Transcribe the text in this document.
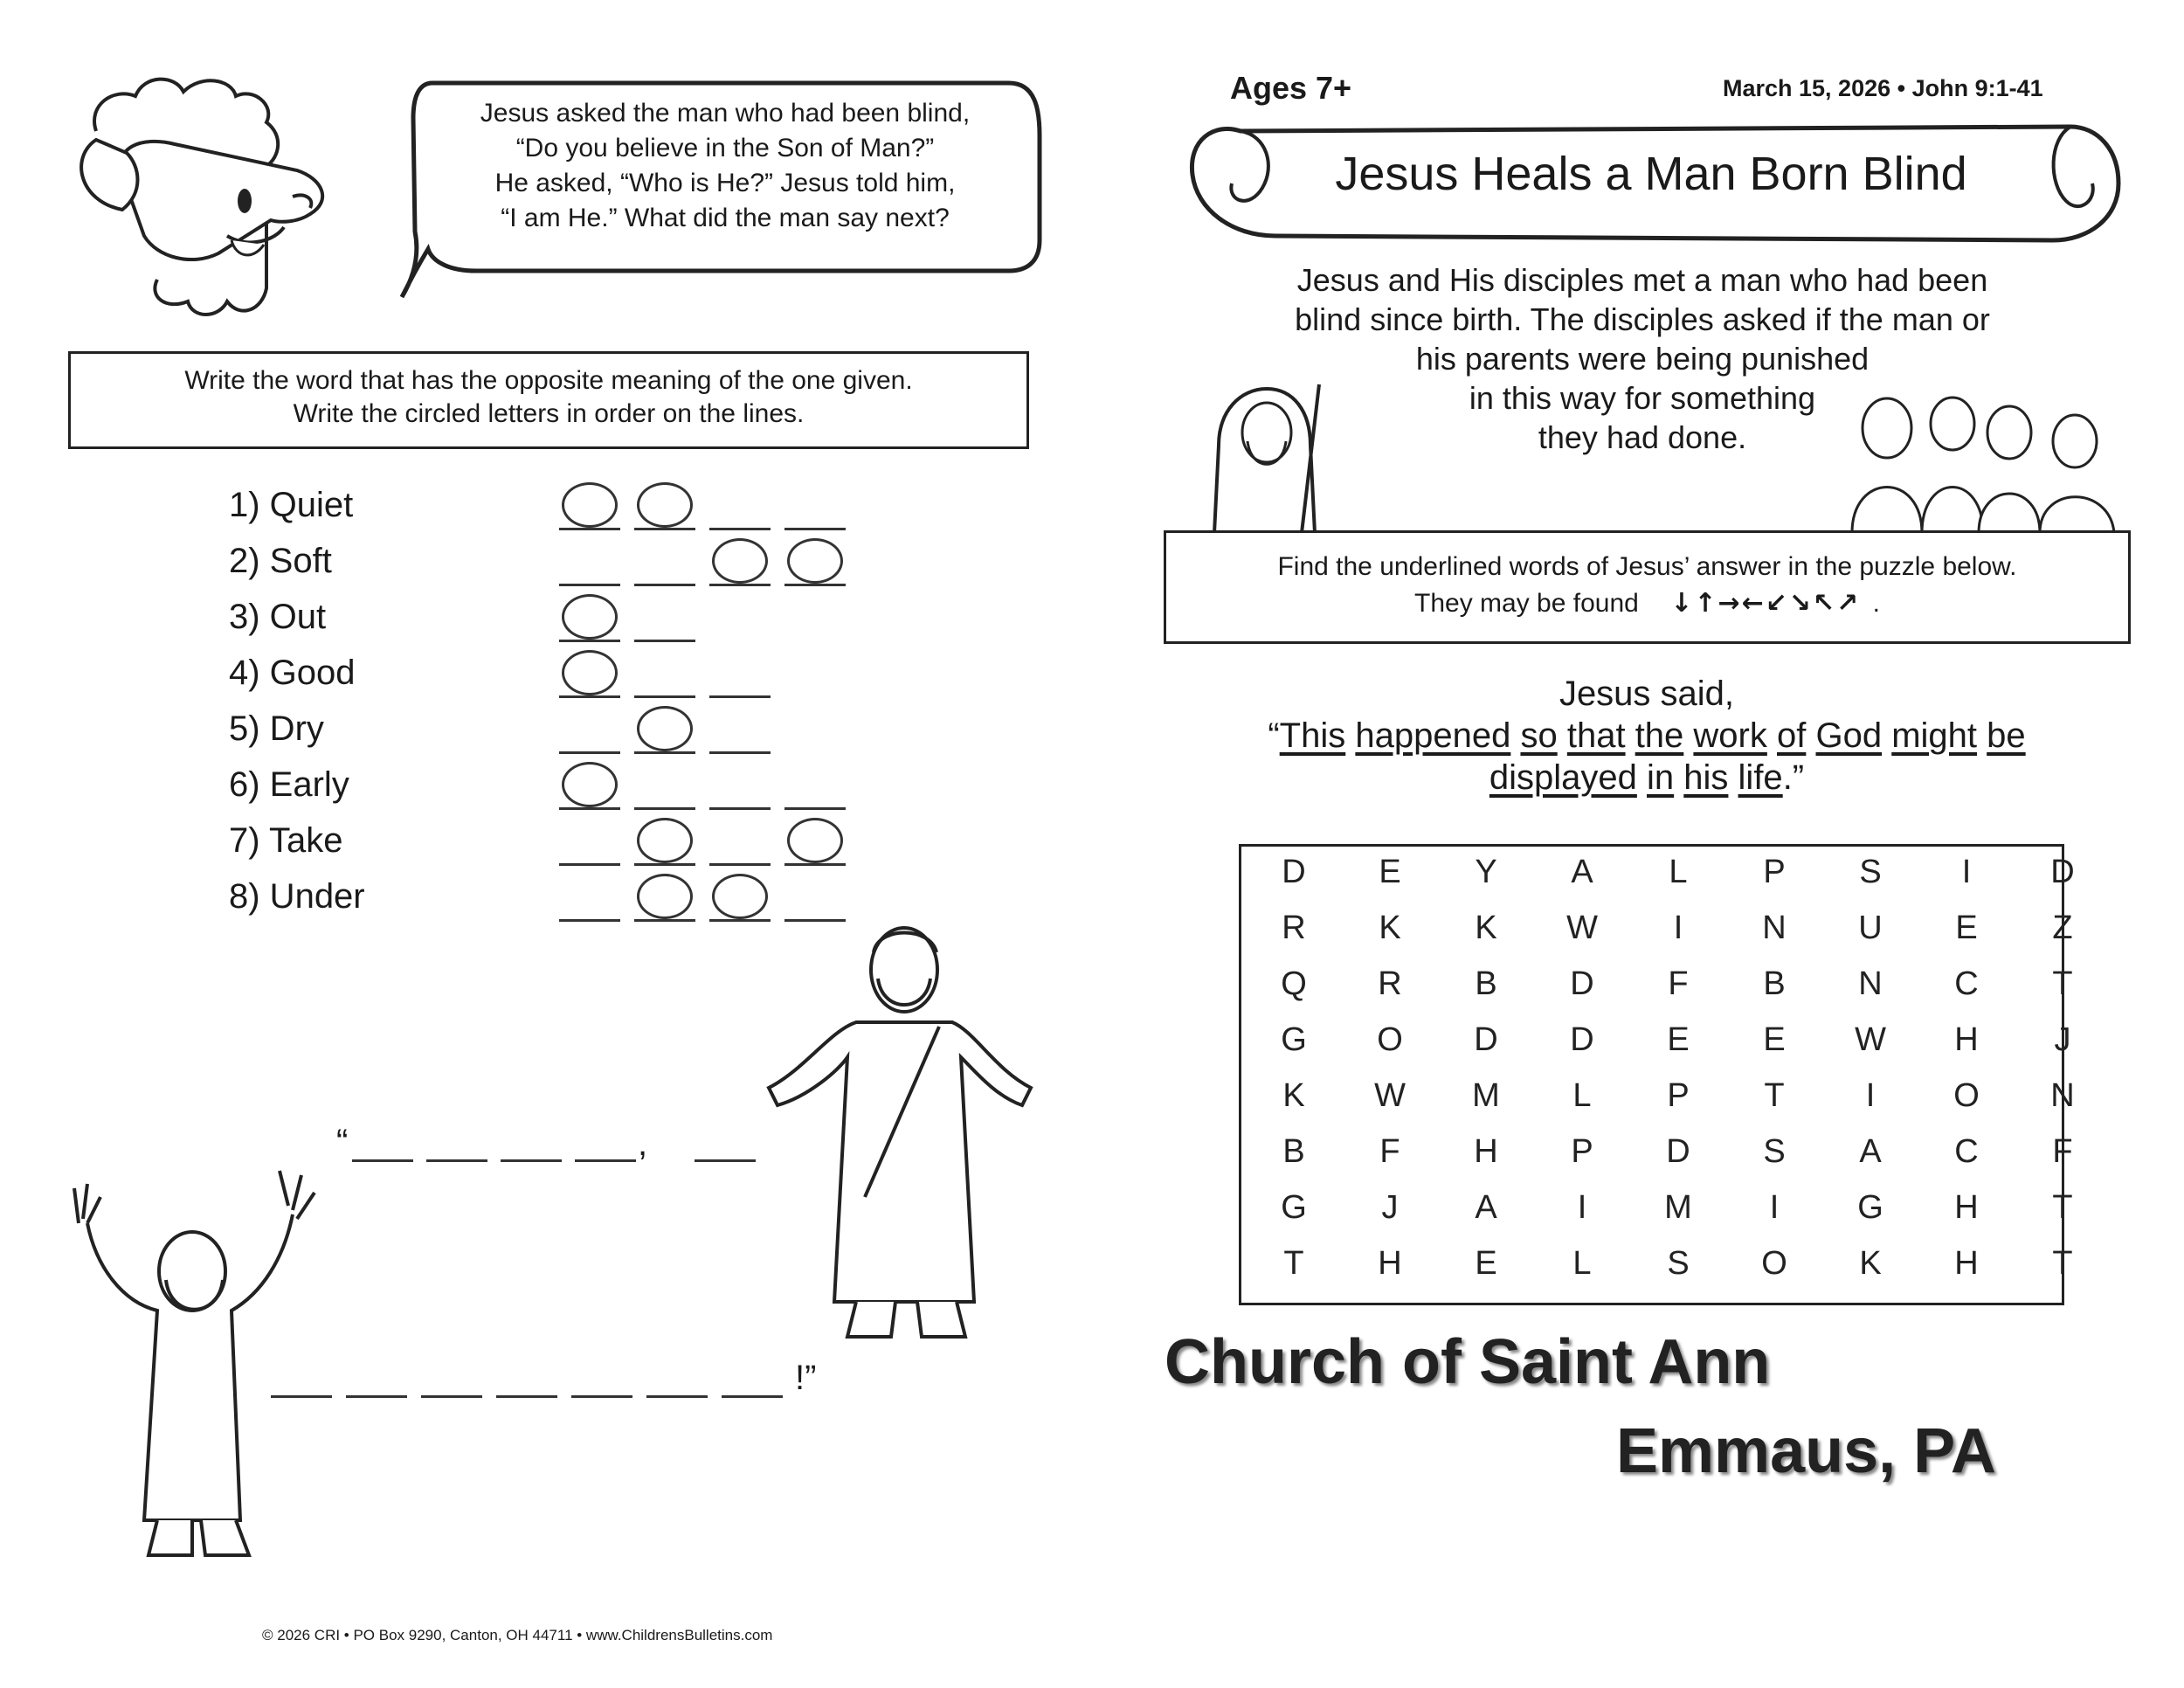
Jesus asked the man who had been blind,
“Do you believe in the Son of Man?”
He asked, “Who is He?” Jesus told him,
“I am He.” What did the man say next?
Write the word that has the opposite meaning of the one given.
Write the circled letters in order on the lines.
1) Quiet
2) Soft
3) Out
4) Good
5) Dry
6) Early
7) Take
8) Under
“	,
!”
© 2026 CRI • PO Box 9290, Canton, OH 44711 • www.ChildrensBulletins.com
Ages 7+	March 15, 2026 • John 9:1-41
Jesus Heals a Man Born Blind
Jesus and His disciples met a man who had been
blind since birth. The disciples asked if the man or
his parents were being punished
in this way for something
they had done.
Find the underlined words of Jesus’ answer in the puzzle below.
They may be found ↓↑→←↙↘↖↗ .
Jesus said,
“This happened so that the work of God might be
displayed in his life.”
D	E	Y	A	L	P	S	I	D
R	K	K	W	I	N	U	E	Z
Q	R	B	D	F	B	N	C	T
G	O	D	D	E	E	W	H	J
K	W	M	L	P	T	I	O	N
B	F	H	P	D	S	A	C	F
G	J	A	I	M	I	G	H	T
T	H	E	L	S	O	K	H	T
Church of Saint Ann
Emmaus, PA
